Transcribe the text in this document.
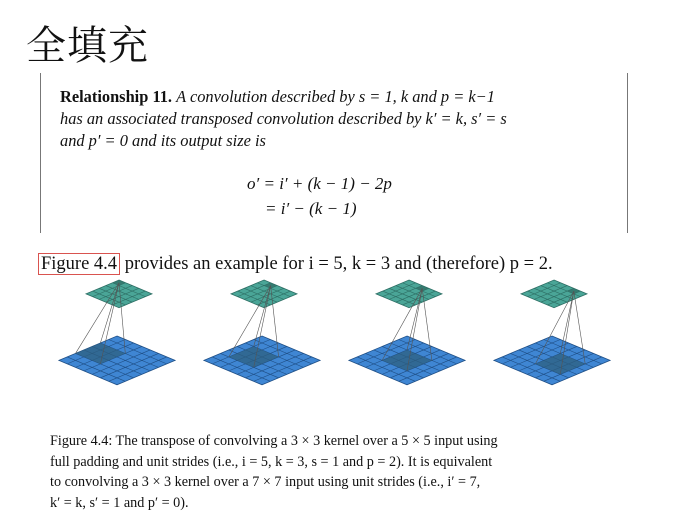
全填充
Relationship 11. A convolution described by s = 1, k and p = k−1
has an associated transposed convolution described by k′ = k, s′ = s
and p′ = 0 and its output size is
o′ = i′ + (k − 1) − 2p
= i′ − (k − 1)
Figure 4.4 provides an example for i = 5, k = 3 and (therefore) p = 2.
Figure 4.4: The transpose of convolving a 3 × 3 kernel over a 5 × 5 input using
full padding and unit strides (i.e., i = 5, k = 3, s = 1 and p = 2). It is equivalent
to convolving a 3 × 3 kernel over a 7 × 7 input using unit strides (i.e., i′ = 7,
k′ = k, s′ = 1 and p′ = 0).
